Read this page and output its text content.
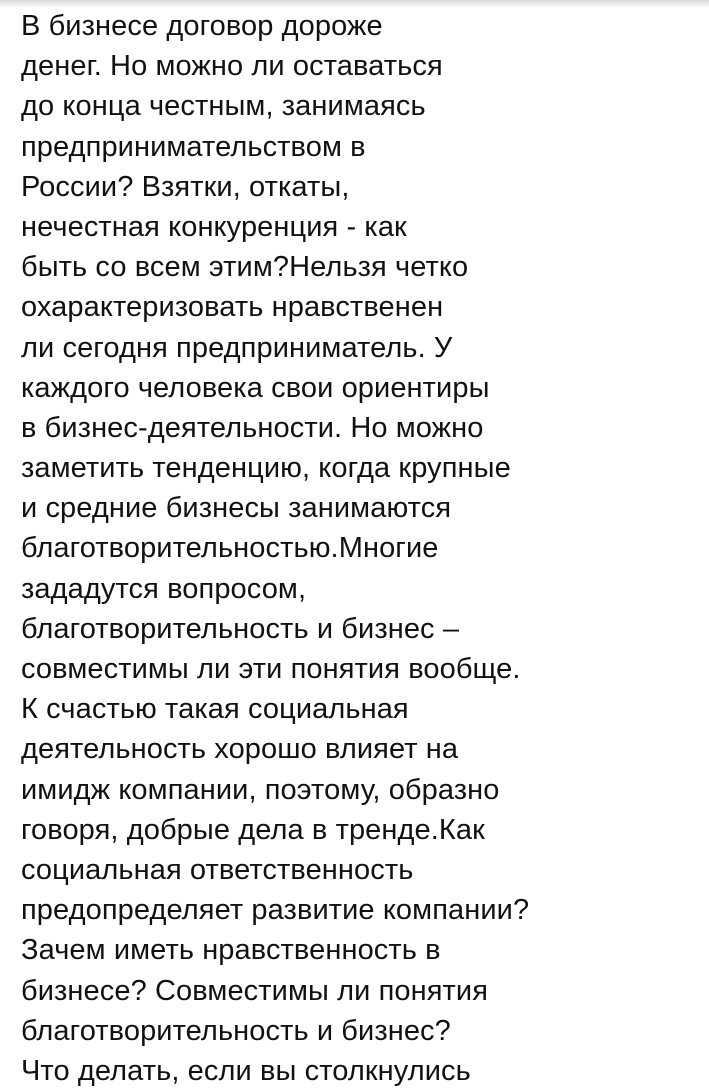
В бизнесе договор дороже
денег. Но можно ли оставаться
до конца честным, занимаясь
предпринимательством в
России? Взятки, откаты,
нечестная конкуренция - как
быть со всем этим?Нельзя четко
охарактеризовать нравственен
ли сегодня предприниматель. У
каждого человека свои ориентиры
в бизнес-деятельности. Но можно
заметить тенденцию, когда крупные
и средние бизнесы занимаются
благотворительностью.Многие
зададутся вопросом,
благотворительность и бизнес –
совместимы ли эти понятия вообще.
К счастью такая социальная
деятельность хорошо влияет на
имидж компании, поэтому, образно
говоря, добрые дела в тренде.Как
социальная ответственность
предопределяет развитие компании?
Зачем иметь нравственность в
бизнесе? Совместимы ли понятия
благотворительность и бизнес?
Что делать, если вы столкнулись
